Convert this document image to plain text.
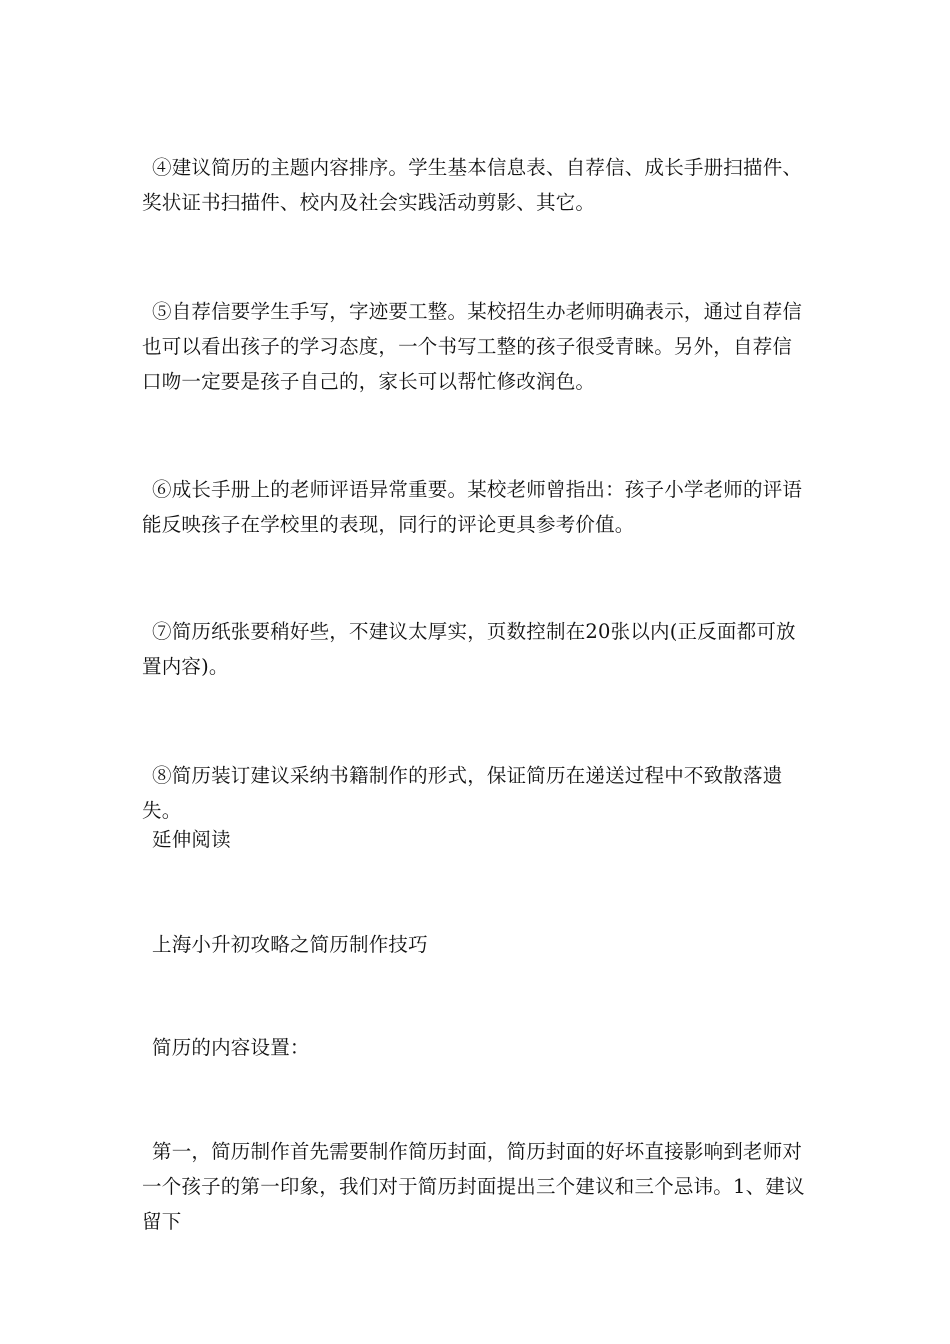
④建议简历的主题内容排序。学生基本信息表、自荐信、成长手册扫描件、奖状证书扫描件、校内及社会实践活动剪影、其它。

⑤自荐信要学生手写，字迹要工整。某校招生办老师明确表示，通过自荐信也可以看出孩子的学习态度，一个书写工整的孩子很受青睐。另外，自荐信口吻一定要是孩子自己的，家长可以帮忙修改润色。

⑥成长手册上的老师评语异常重要。某校老师曾指出：孩子小学老师的评语能反映孩子在学校里的表现，同行的评论更具参考价值。

⑦简历纸张要稍好些，不建议太厚实，页数控制在20张以内(正反面都可放置内容)。

⑧简历装订建议采纳书籍制作的形式，保证简历在递送过程中不致散落遗失。

延伸阅读

上海小升初攻略之简历制作技巧

简历的内容设置：

第一，简历制作首先需要制作简历封面，简历封面的好坏直接影响到老师对一个孩子的第一印象，我们对于简历封面提出三个建议和三个忌讳。1、建议留下
